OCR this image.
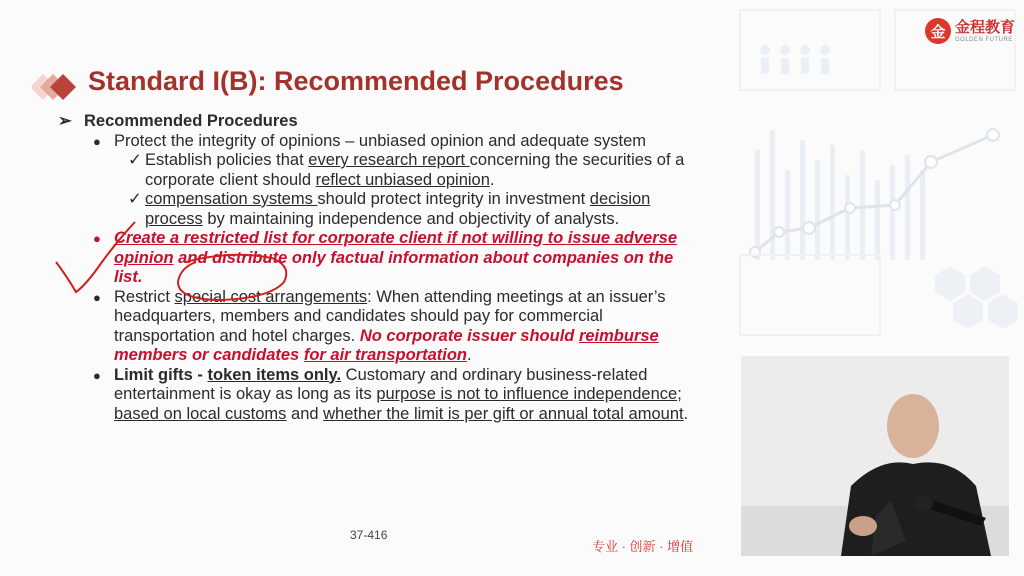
金 金程教育
GOLDEN FUTURE
Standard I(B): Recommended Procedures
➢ Recommended Procedures
● Protect the integrity of opinions – unbiased opinion and adequate system
✓ Establish policies that every research report concerning the securities of a corporate client should reflect unbiased opinion.
✓ compensation systems should protect integrity in investment decision process by maintaining independence and objectivity of analysts.
● Create a restricted list for corporate client if not willing to issue adverse opinion and distribute only factual information about companies on the list.
● Restrict special cost arrangements: When attending meetings at an issuer’s headquarters, members and candidates should pay for commercial transportation and hotel charges. No corporate issuer should reimburse members or candidates for air transportation.
● Limit gifts - token items only. Customary and ordinary business-related entertainment is okay as long as its purpose is not to influence independence; based on local customs and whether the limit is per gift or annual total amount.
37-416
专业 · 创新 · 增值
